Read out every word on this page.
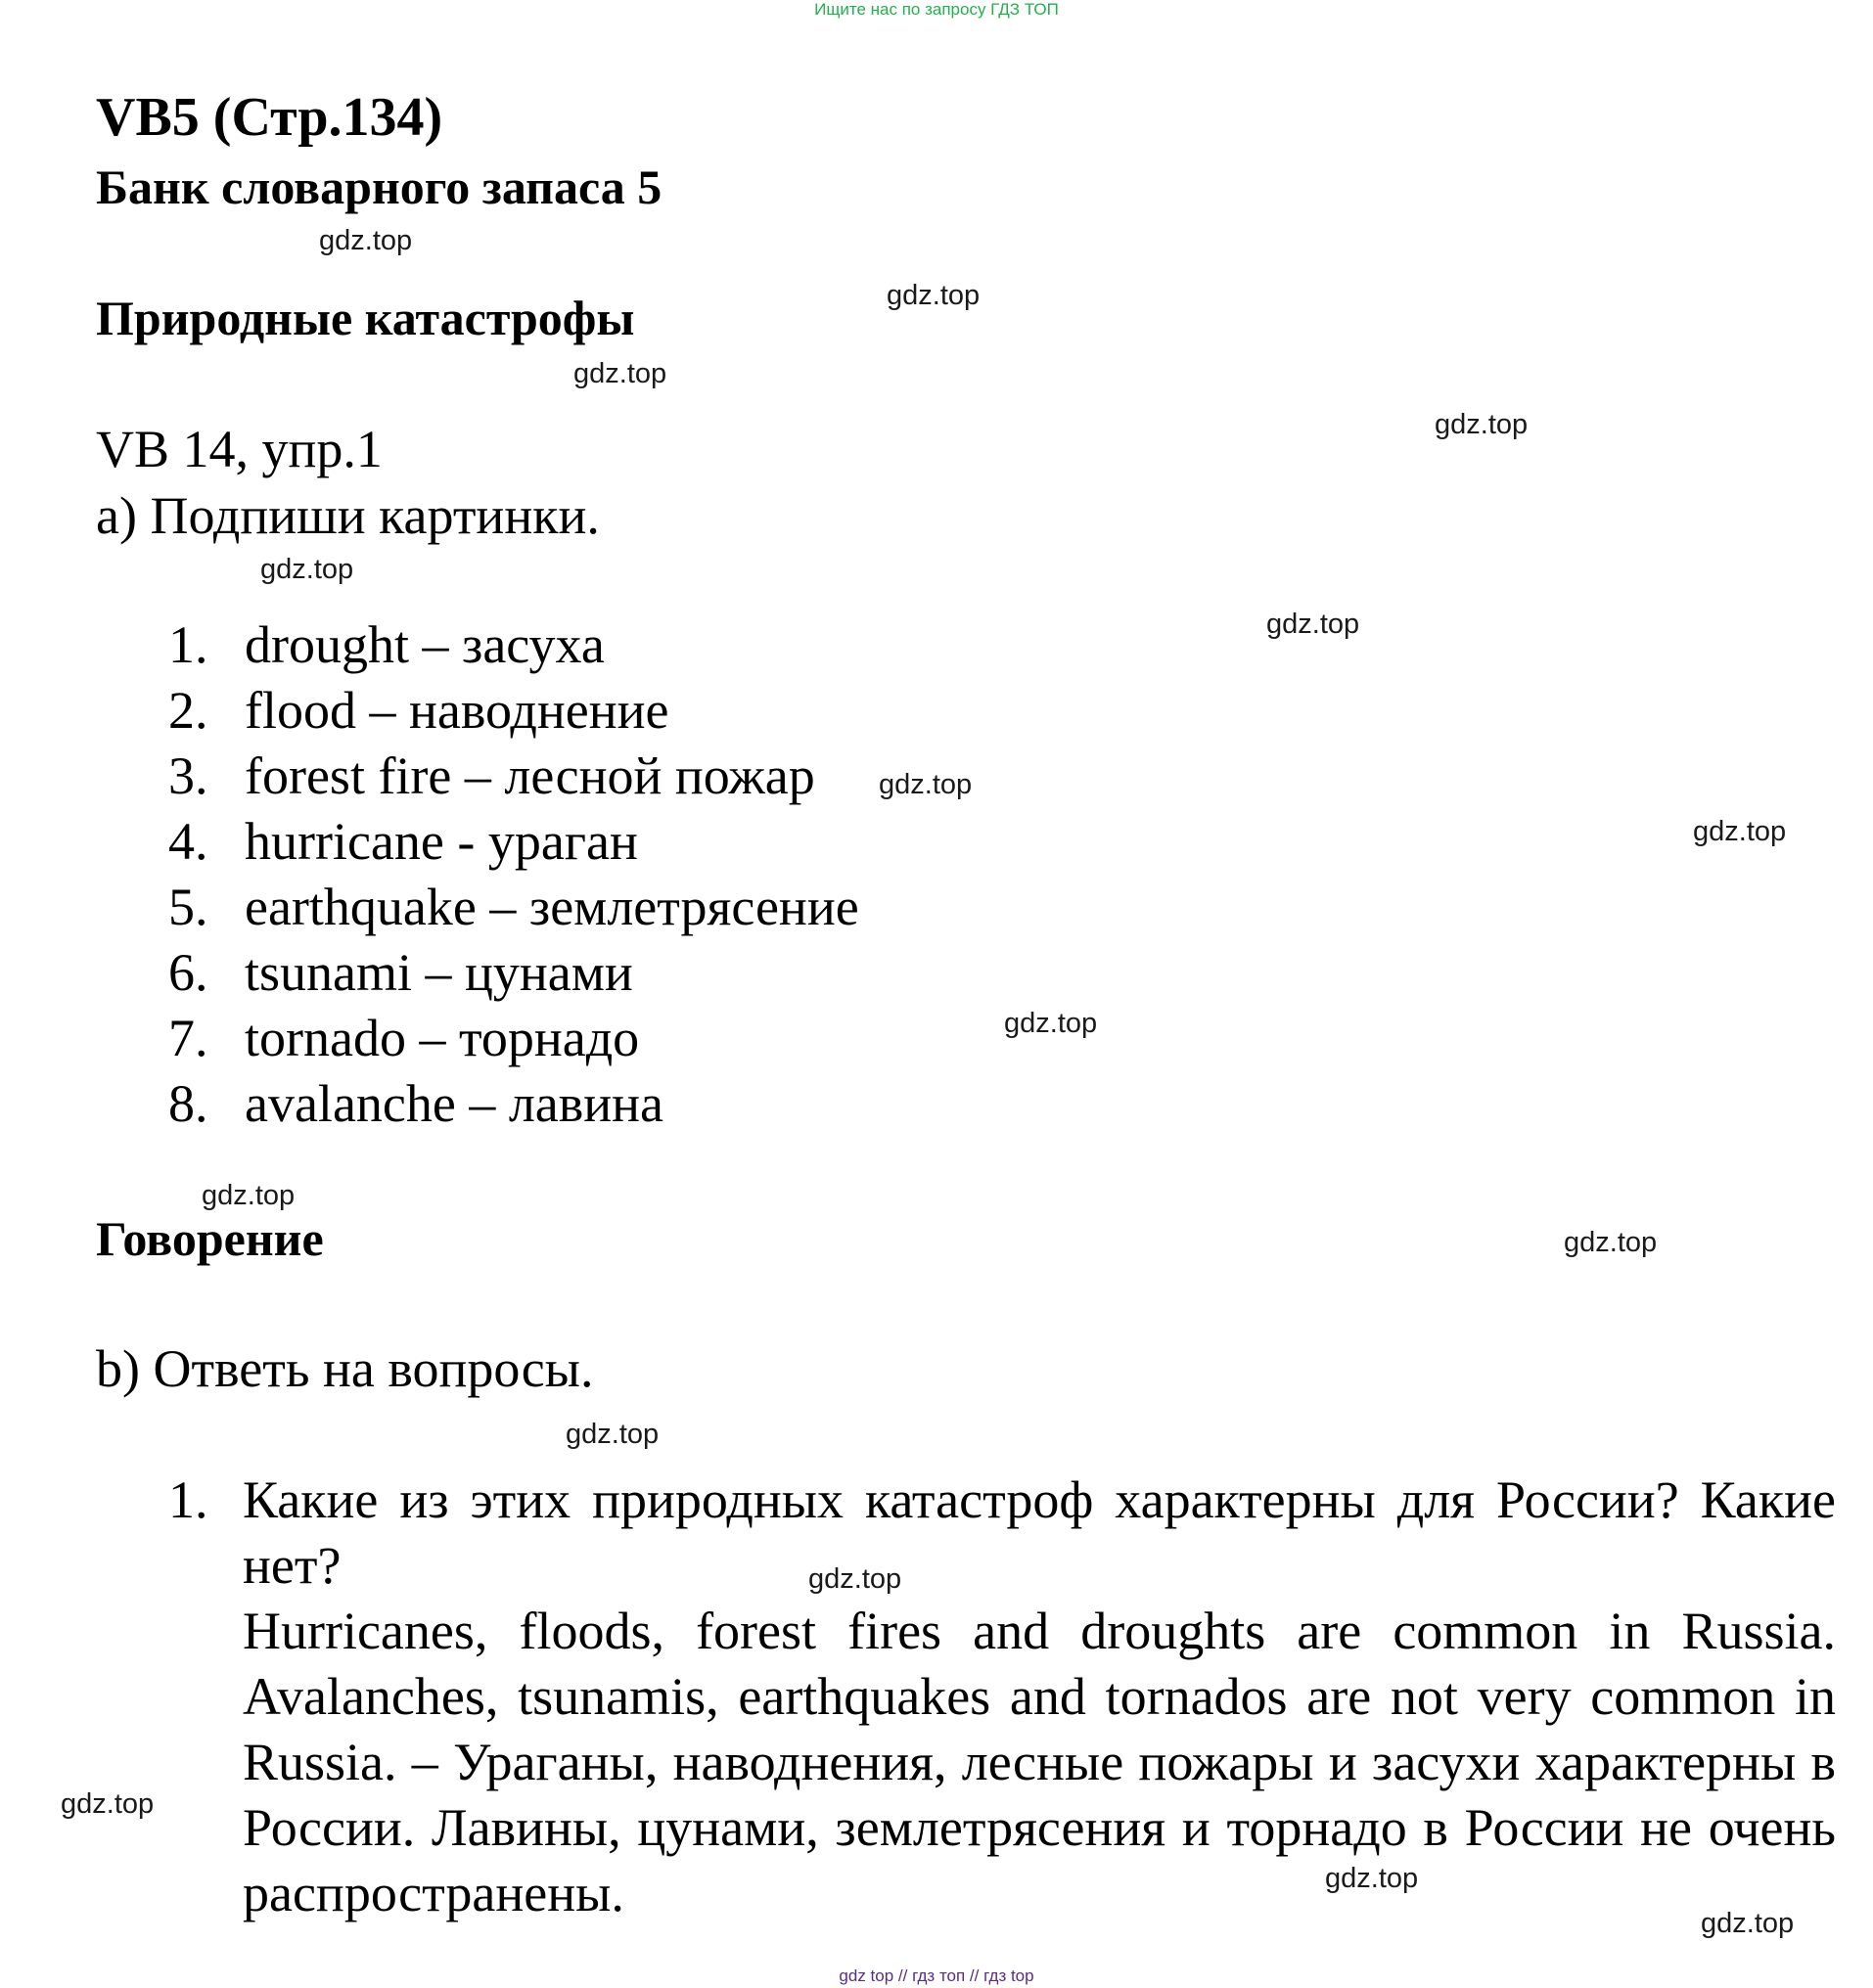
Ищите нас по запросу ГДЗ ТОП
VB5 (Стр.134)
Банк словарного запаса 5
Природные катастрофы
VB 14, упр.1
a) Подпиши картинки.
1. drought – засуха
2. flood – наводнение
3. forest fire – лесной пожар
4. hurricane - ураган
5. earthquake – землетрясение
6. tsunami – цунами
7. tornado – торнадо
8. avalanche – лавина
Говорение
b) Ответь на вопросы.
1. Какие из этих природных катастроф характерны для России? Какие нет?
Hurricanes, floods, forest fires and droughts are common in Russia. Avalanches, tsunamis, earthquakes and tornados are not very common in Russia. – Ураганы, наводнения, лесные пожары и засухи характерны в России. Лавины, цунами, землетрясения и торнадо в России не очень распространены.
gdz.top
gdz.top
gdz.top
gdz.top
gdz.top
gdz.top
gdz.top
gdz.top
gdz.top
gdz.top
gdz.top
gdz.top
gdz.top
gdz.top
gdz.top
gdz.top
gdz top // гдз топ // гдз top
